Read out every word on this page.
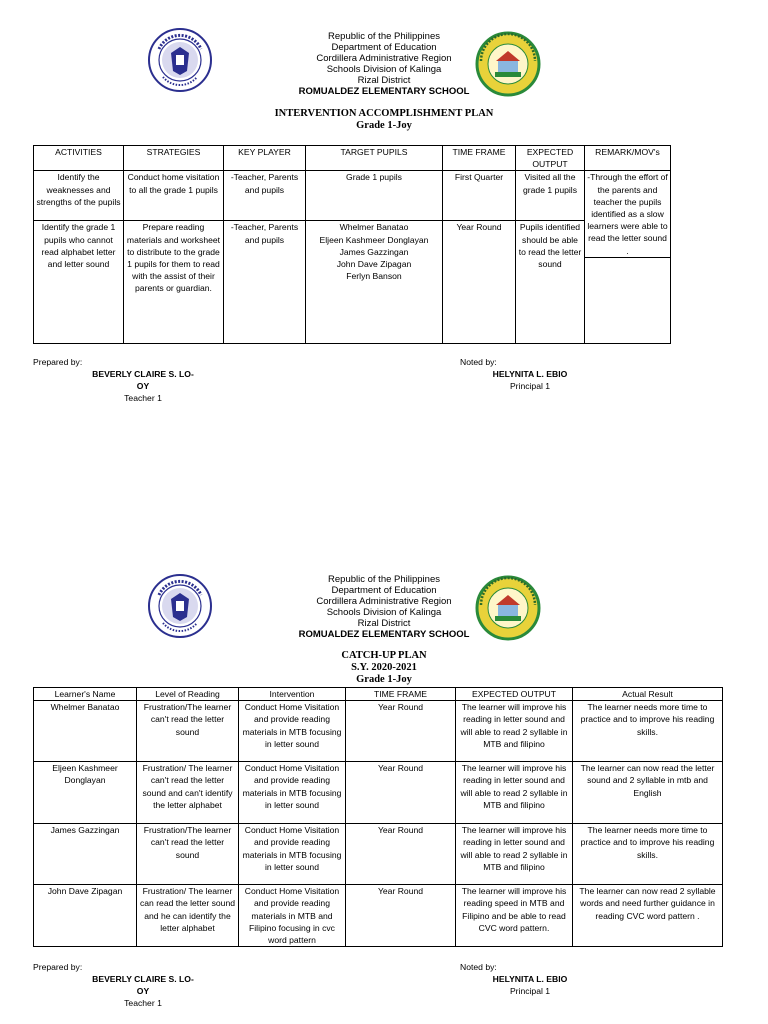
Republic of the Philippines
Department of Education
Cordillera Administrative Region
Schools Division of Kalinga
Rizal District
ROMUALDEZ ELEMENTARY SCHOOL
INTERVENTION ACCOMPLISHMENT PLAN
Grade 1-Joy
ACTIVITIES	STRATEGIES	KEY PLAYER	TARGET PUPILS	TIME FRAME	EXPECTED OUTPUT	REMARK/MOV's
Identify the weaknesses and strengths of the pupils	Conduct home visitation to all the grade 1 pupils	-Teacher, Parents and pupils	Grade 1 pupils	First Quarter	Visited all the grade 1 pupils	-Through the effort of the parents and teacher the pupils identified as a slow learners were able to read the letter sound .

Identify the grade 1 pupils who cannot read alphabet letter and letter sound	Prepare reading materials and worksheet to distribute to the grade 1 pupils for them to read with the assist of their parents or guardian.	-Teacher, Parents and pupils	Whelmer Banatao
Eljeen Kashmeer Donglayan
James Gazzingan
John Dave Zipagan
Ferlyn Banson	Year Round	Pupils identified should be able to read the letter sound	
Prepared by:
BEVERLY CLAIRE S. LO-OY
Teacher 1
Noted by:
HELYNITA L. EBIO
Principal 1
Republic of the Philippines
Department of Education
Cordillera Administrative Region
Schools Division of Kalinga
Rizal District
ROMUALDEZ ELEMENTARY SCHOOL
CATCH-UP PLAN
S.Y. 2020-2021
Grade 1-Joy
Learner's Name	Level of Reading	Intervention	TIME FRAME	EXPECTED OUTPUT	Actual Result
Whelmer Banatao	Frustration/The learner can't read the letter sound	Conduct Home Visitation and provide reading materials in MTB focusing in letter sound	Year Round	The learner will improve his reading in letter sound and will able to read 2 syllable in MTB and filipino	The learner needs more time to practice and to improve his reading skills.
Eljeen Kashmeer Donglayan	Frustration/ The learner can't read the letter sound and can't identify the letter alphabet	Conduct Home Visitation and provide reading materials in MTB focusing in letter sound	Year Round	The learner will improve his reading in letter sound and will able to read 2 syllable in MTB and filipino	The learner can now read the letter sound and 2 syllable in mtb and English
James Gazzingan	Frustration/The learner can't read the letter sound	Conduct Home Visitation and provide reading materials in MTB focusing in letter sound	Year Round	The learner will improve his reading in letter sound and will able to read 2 syllable in MTB and filipino	The learner needs more time to practice and to improve his reading skills.
John Dave Zipagan	Frustration/ The learner can read the letter sound and he can identify the letter alphabet	Conduct Home Visitation and provide reading materials in MTB and Filipino focusing in cvc word pattern	Year Round	The learner will improve his reading speed in MTB and Filipino and be able to read CVC word pattern.	The learner can now read 2 syllable words and need further guidance in reading CVC word pattern .
Prepared by:
BEVERLY CLAIRE S. LO-OY
Teacher 1
Noted by:
HELYNITA L. EBIO
Principal 1
